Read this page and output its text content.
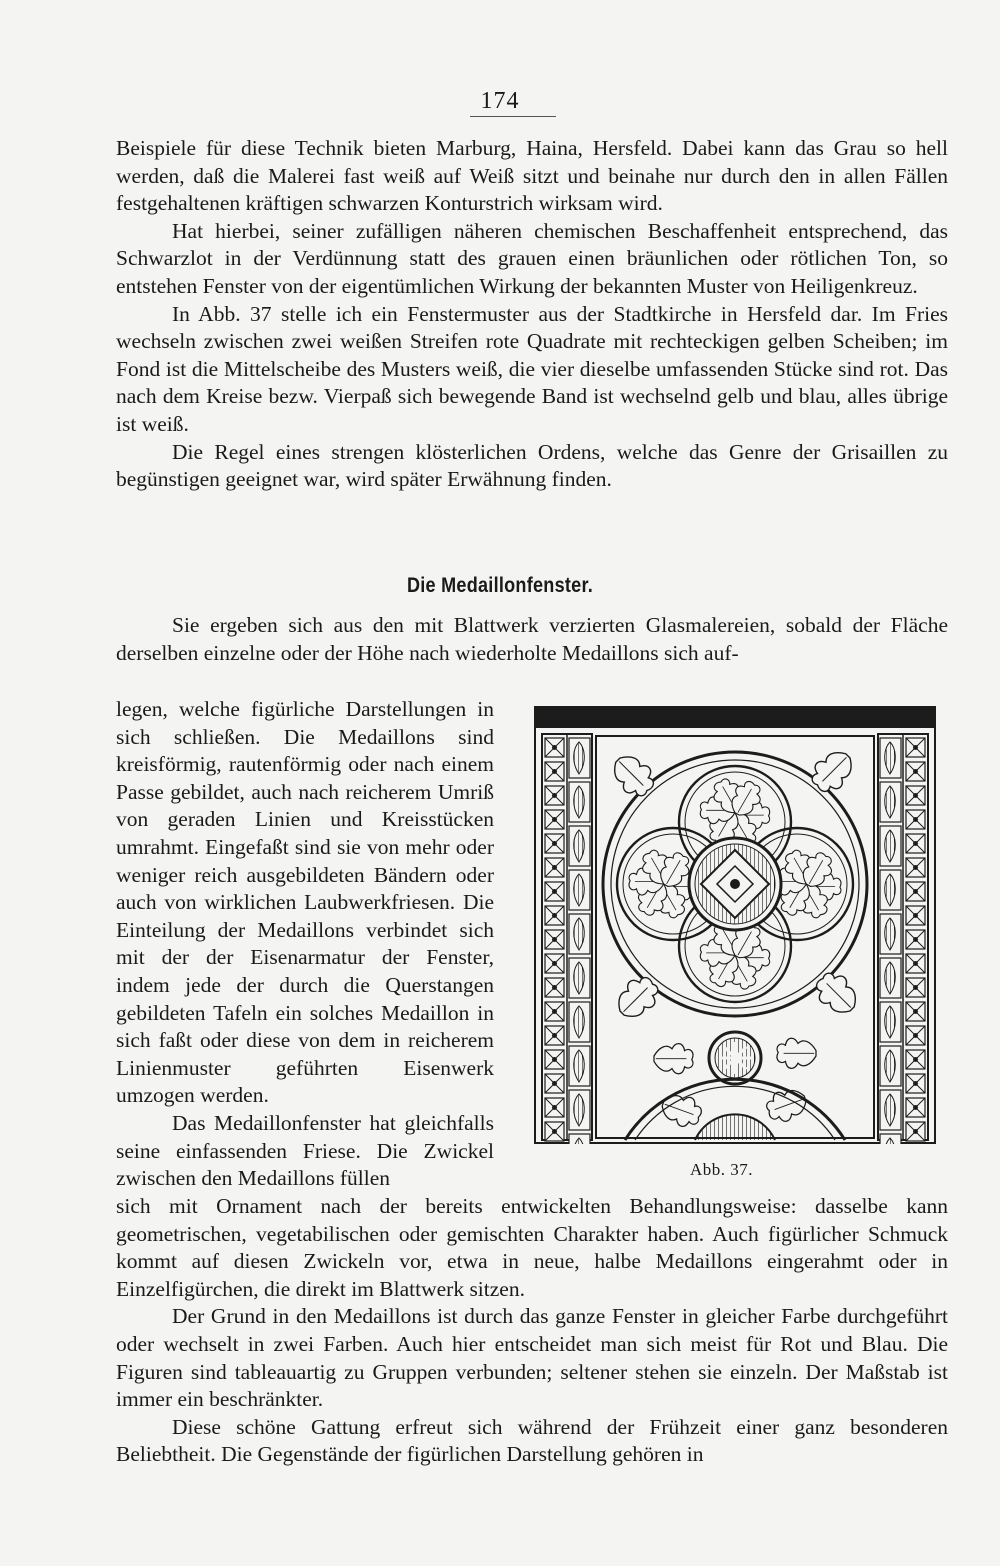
174

Beispiele für diese Technik bieten Marburg, Haina, Hersfeld. Dabei kann das Grau so hell werden, daß die Malerei fast weiß auf Weiß sitzt und beinahe nur durch den in allen Fällen festgehaltenen kräftigen schwarzen Konturstrich wirksam wird.

Hat hierbei, seiner zufälligen näheren chemischen Beschaffenheit entsprechend, das Schwarzlot in der Verdünnung statt des grauen einen bräunlichen oder rötlichen Ton, so entstehen Fenster von der eigentümlichen Wirkung der bekannten Muster von Heiligenkreuz.

In Abb. 37 stelle ich ein Fenstermuster aus der Stadtkirche in Hersfeld dar. Im Fries wechseln zwischen zwei weißen Streifen rote Quadrate mit rechteckigen gelben Scheiben; im Fond ist die Mittelscheibe des Musters weiß, die vier dieselbe umfassenden Stücke sind rot. Das nach dem Kreise bezw. Vierpaß sich bewegende Band ist wechselnd gelb und blau, alles übrige ist weiß.

Die Regel eines strengen klösterlichen Ordens, welche das Genre der Grisaillen zu begünstigen geeignet war, wird später Erwähnung finden.

Die Medaillonfenster.

Sie ergeben sich aus den mit Blattwerk verzierten Glasmalereien, sobald der Fläche derselben einzelne oder der Höhe nach wiederholte Medaillons sich auf-

legen, welche figürliche Darstellungen in sich schließen. Die Medaillons sind kreisförmig, rautenförmig oder nach einem Passe gebildet, auch nach reicherem Umriß von geraden Linien und Kreisstücken umrahmt. Eingefaßt sind sie von mehr oder weniger reich ausgebildeten Bändern oder auch von wirklichen Laubwerkfriesen. Die Einteilung der Medaillons verbindet sich mit der der Eisenarmatur der Fenster, indem jede der durch die Querstangen gebildeten Tafeln ein solches Medaillon in sich faßt oder diese von dem in reicherem Linienmuster geführten Eisenwerk umzogen werden.

Das Medaillonfenster hat gleichfalls seine einfassenden Friese. Die Zwickel zwischen den Medaillons füllen	Abb. 37.

sich mit Ornament nach der bereits entwickelten Behandlungsweise: dasselbe kann geometrischen, vegetabilischen oder gemischten Charakter haben. Auch figürlicher Schmuck kommt auf diesen Zwickeln vor, etwa in neue, halbe Medaillons eingerahmt oder in Einzelfigürchen, die direkt im Blattwerk sitzen.

Der Grund in den Medaillons ist durch das ganze Fenster in gleicher Farbe durchgeführt oder wechselt in zwei Farben. Auch hier entscheidet man sich meist für Rot und Blau. Die Figuren sind tableauartig zu Gruppen verbunden; seltener stehen sie einzeln. Der Maßstab ist immer ein beschränkter.

Diese schöne Gattung erfreut sich während der Frühzeit einer ganz besonderen Beliebtheit. Die Gegenstände der figürlichen Darstellung gehören in
